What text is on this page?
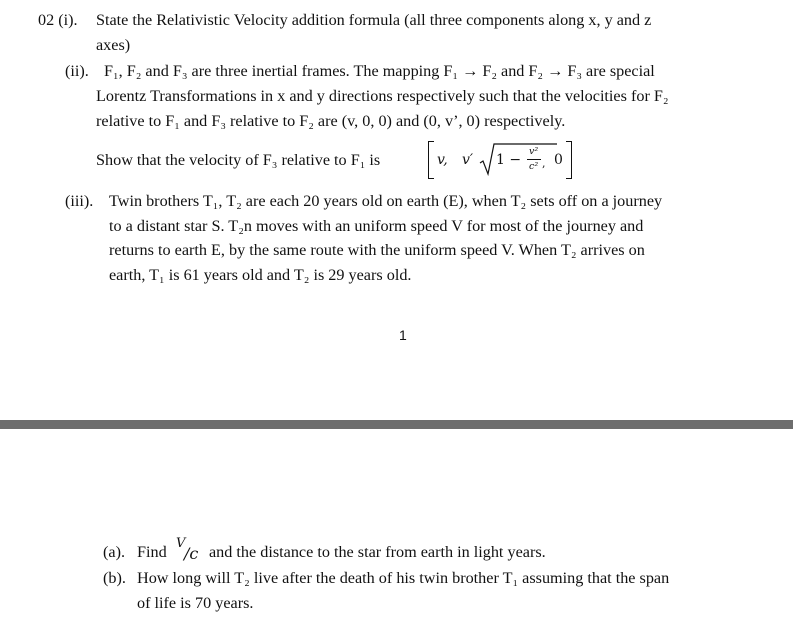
02 (i). State the Relativistic Velocity addition formula (all three components along x, y and z
axes)
(ii). F₁, F₂ and F₃ are three inertial frames. The mapping F₁ → F₂ and F₂ → F₃ are special
Lorentz Transformations in x and y directions respectively such that the velocities for F₂
relative to F₁ and F₃ relative to F₂ are (v, 0, 0) and (0, v’, 0) respectively.
Show that the velocity of F₃ relative to F₁ is	v, v′ 1 −
v²
c² , 0
(iii). Twin brothers T₁, T₂ are each 20 years old on earth (E), when T₂ sets off on a journey
to a distant star S. T₂n moves with an uniform speed V for most of the journey and
returns to earth E, by the same route with the uniform speed V. When T₂ arrives on
earth, T₁ is 61 years old and T₂ is 29 years old.
1
(a). Find V
/c and the distance to the star from earth in light years.
(b). How long will T₂ live after the death of his twin brother T₁ assuming that the span
of life is 70 years.
